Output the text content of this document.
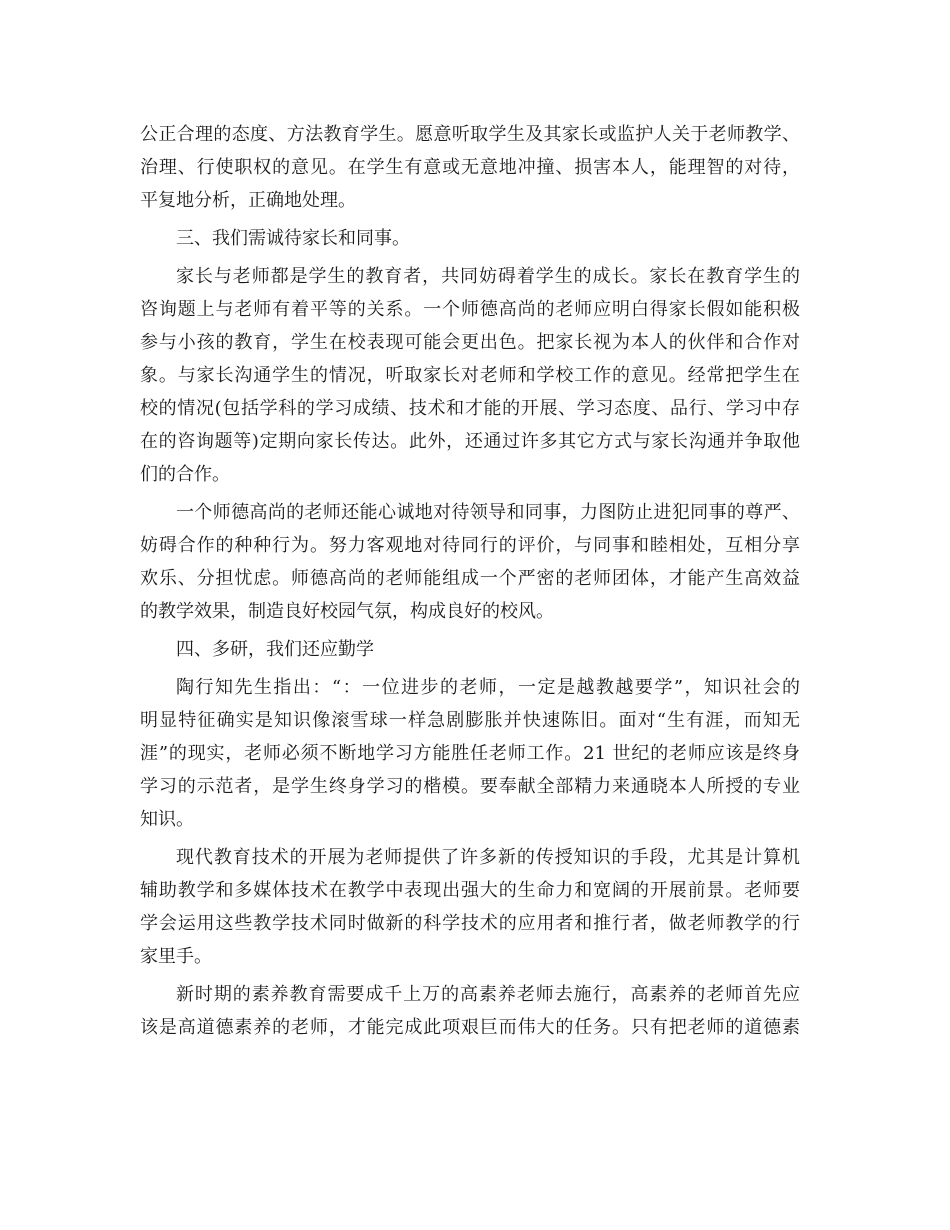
公正合理的态度、方法教育学生。愿意听取学生及其家长或监护人关于老师教学、
治理、行使职权的意见。在学生有意或无意地冲撞、损害本人，能理智的对待，
平复地分析，正确地处理。
三、我们需诚待家长和同事。
家长与老师都是学生的教育者，共同妨碍着学生的成长。家长在教育学生的
咨询题上与老师有着平等的关系。一个师德高尚的老师应明白得家长假如能积极
参与小孩的教育，学生在校表现可能会更出色。把家长视为本人的伙伴和合作对
象。与家长沟通学生的情况，听取家长对老师和学校工作的意见。经常把学生在
校的情况(包括学科的学习成绩、技术和才能的开展、学习态度、品行、学习中存
在的咨询题等)定期向家长传达。此外，还通过许多其它方式与家长沟通并争取他
们的合作。
一个师德高尚的老师还能心诚地对待领导和同事，力图防止进犯同事的尊严、
妨碍合作的种种行为。努力客观地对待同行的评价，与同事和睦相处，互相分享
欢乐、分担忧虑。师德高尚的老师能组成一个严密的老师团体，才能产生高效益
的教学效果，制造良好校园气氛，构成良好的校风。
四、多研，我们还应勤学
陶行知先生指出：“：一位进步的老师，一定是越教越要学”，知识社会的
明显特征确实是知识像滚雪球一样急剧膨胀并快速陈旧。面对“生有涯，而知无
涯”的现实，老师必须不断地学习方能胜任老师工作。21 世纪的老师应该是终身
学习的示范者，是学生终身学习的楷模。要奉献全部精力来通晓本人所授的专业
知识。
现代教育技术的开展为老师提供了许多新的传授知识的手段，尤其是计算机
辅助教学和多媒体技术在教学中表现出强大的生命力和宽阔的开展前景。老师要
学会运用这些教学技术同时做新的科学技术的应用者和推行者，做老师教学的行
家里手。
新时期的素养教育需要成千上万的高素养老师去施行，高素养的老师首先应
该是高道德素养的老师，才能完成此项艰巨而伟大的任务。只有把老师的道德素
